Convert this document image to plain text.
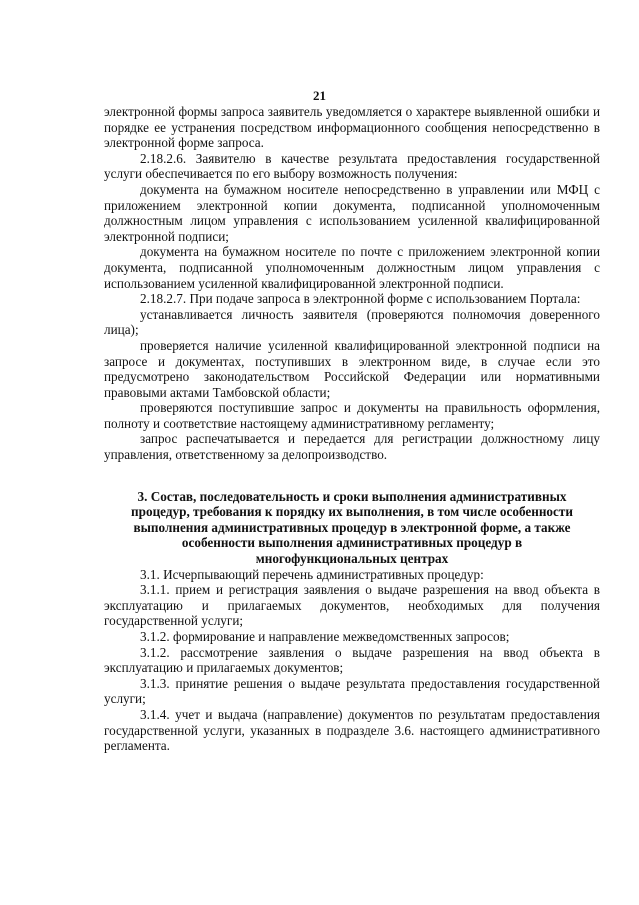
21

электронной формы запроса заявитель уведомляется о характере выявленной ошибки и порядке ее устранения посредством информационного сообщения непосредственно в электронной форме запроса.

2.18.2.6. Заявителю в качестве результата предоставления государственной услуги обеспечивается по его выбору возможность получения:

документа на бумажном носителе непосредственно в управлении или МФЦ с приложением электронной копии документа, подписанной уполномоченным должностным лицом управления с использованием усиленной квалифицированной электронной подписи;

документа на бумажном носителе по почте с приложением электронной копии документа, подписанной уполномоченным должностным лицом управления с использованием усиленной квалифицированной электронной подписи.

2.18.2.7. При подаче запроса в электронной форме с использованием Портала:

устанавливается личность заявителя (проверяются полномочия доверенного лица);

проверяется наличие усиленной квалифицированной электронной подписи на запросе и документах, поступивших в электронном виде, в случае если это предусмотрено законодательством Российской Федерации или нормативными правовыми актами Тамбовской области;

проверяются поступившие запрос и документы на правильность оформления, полноту и соответствие настоящему административному регламенту;

запрос распечатывается и передается для регистрации должностному лицу управления, ответственному за делопроизводство.

3. Состав, последовательность и сроки выполнения административных
процедур, требования к порядку их выполнения, в том числе особенности
выполнения административных процедур в электронной форме, а также
особенности выполнения административных процедур в
многофункциональных центрах

3.1. Исчерпывающий перечень административных процедур:

3.1.1. прием и регистрация заявления о выдаче разрешения на ввод объекта в эксплуатацию и прилагаемых документов, необходимых для получения государственной услуги;

3.1.2. формирование и направление межведомственных запросов;

3.1.2. рассмотрение заявления о выдаче разрешения на ввод объекта в эксплуатацию и прилагаемых документов;

3.1.3. принятие решения о выдаче результата предоставления государственной услуги;

3.1.4. учет и выдача (направление) документов по результатам предоставления государственной услуги, указанных в подразделе 3.6. настоящего административного регламента.
